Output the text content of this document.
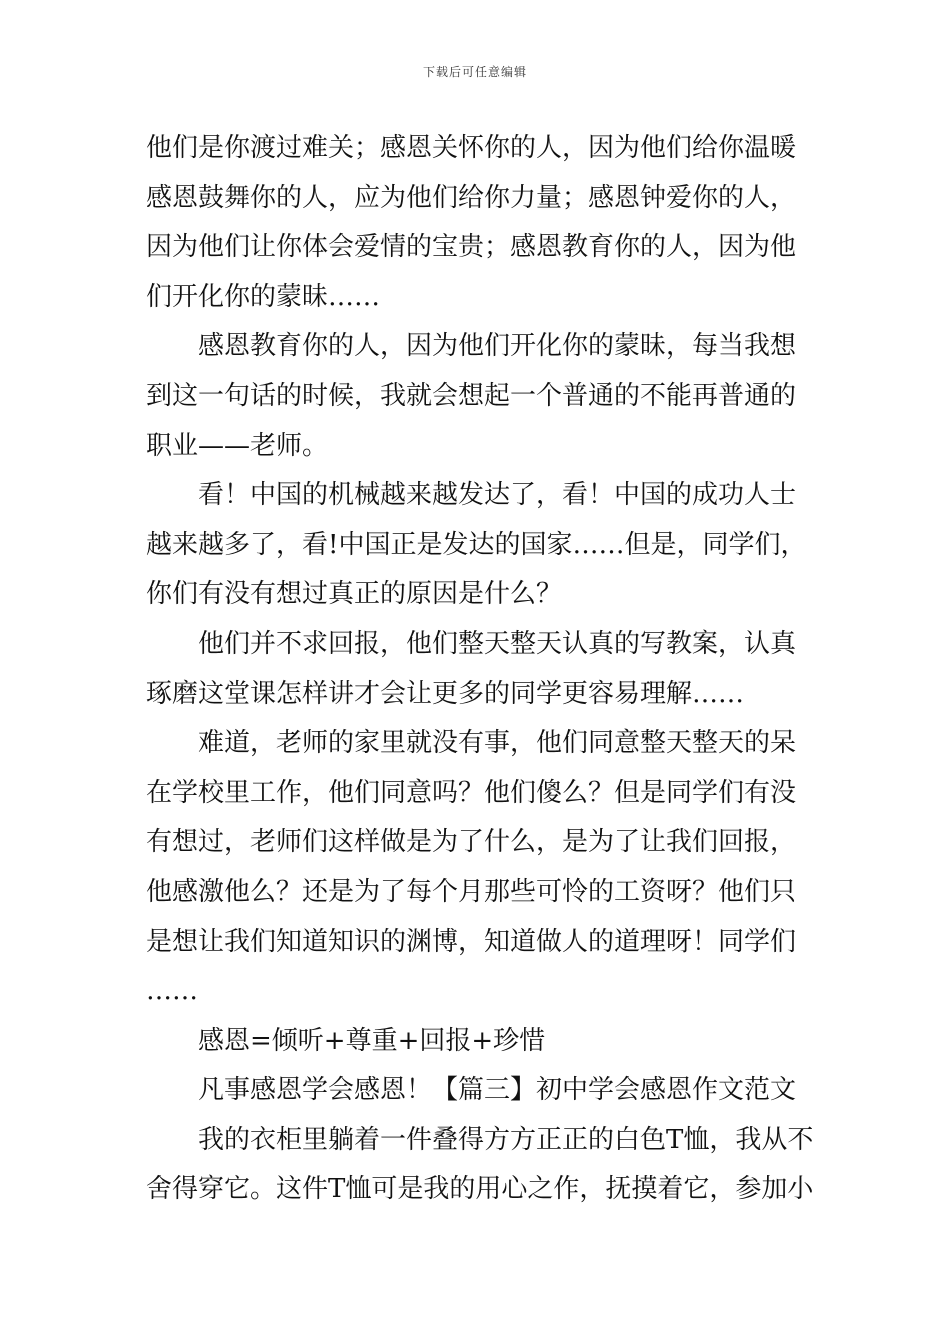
下载后可任意编辑
他们是你渡过难关；感恩关怀你的人，因为他们给你温暖
感恩鼓舞你的人，应为他们给你力量；感恩钟爱你的人，
因为他们让你体会爱情的宝贵；感恩教育你的人，因为他
们开化你的蒙昧……
感恩教育你的人，因为他们开化你的蒙昧，每当我想
到这一句话的时候，我就会想起一个普通的不能再普通的
职业——老师。
看！中国的机械越来越发达了，看！中国的成功人士
越来越多了，看!中国正是发达的国家……但是，同学们，
你们有没有想过真正的原因是什么？
他们并不求回报，他们整天整天认真的写教案，认真
琢磨这堂课怎样讲才会让更多的同学更容易理解……
难道，老师的家里就没有事，他们同意整天整天的呆
在学校里工作，他们同意吗？他们傻么？但是同学们有没
有想过，老师们这样做是为了什么，是为了让我们回报，
他感激他么？还是为了每个月那些可怜的工资呀？他们只
是想让我们知道知识的渊博，知道做人的道理呀！同学们
……
感恩=倾听+尊重+回报+珍惜
凡事感恩学会感恩！【篇三】初中学会感恩作文范文
我的衣柜里躺着一件叠得方方正正的白色T恤，我从不
舍得穿它。这件T恤可是我的用心之作，抚摸着它，参加小
